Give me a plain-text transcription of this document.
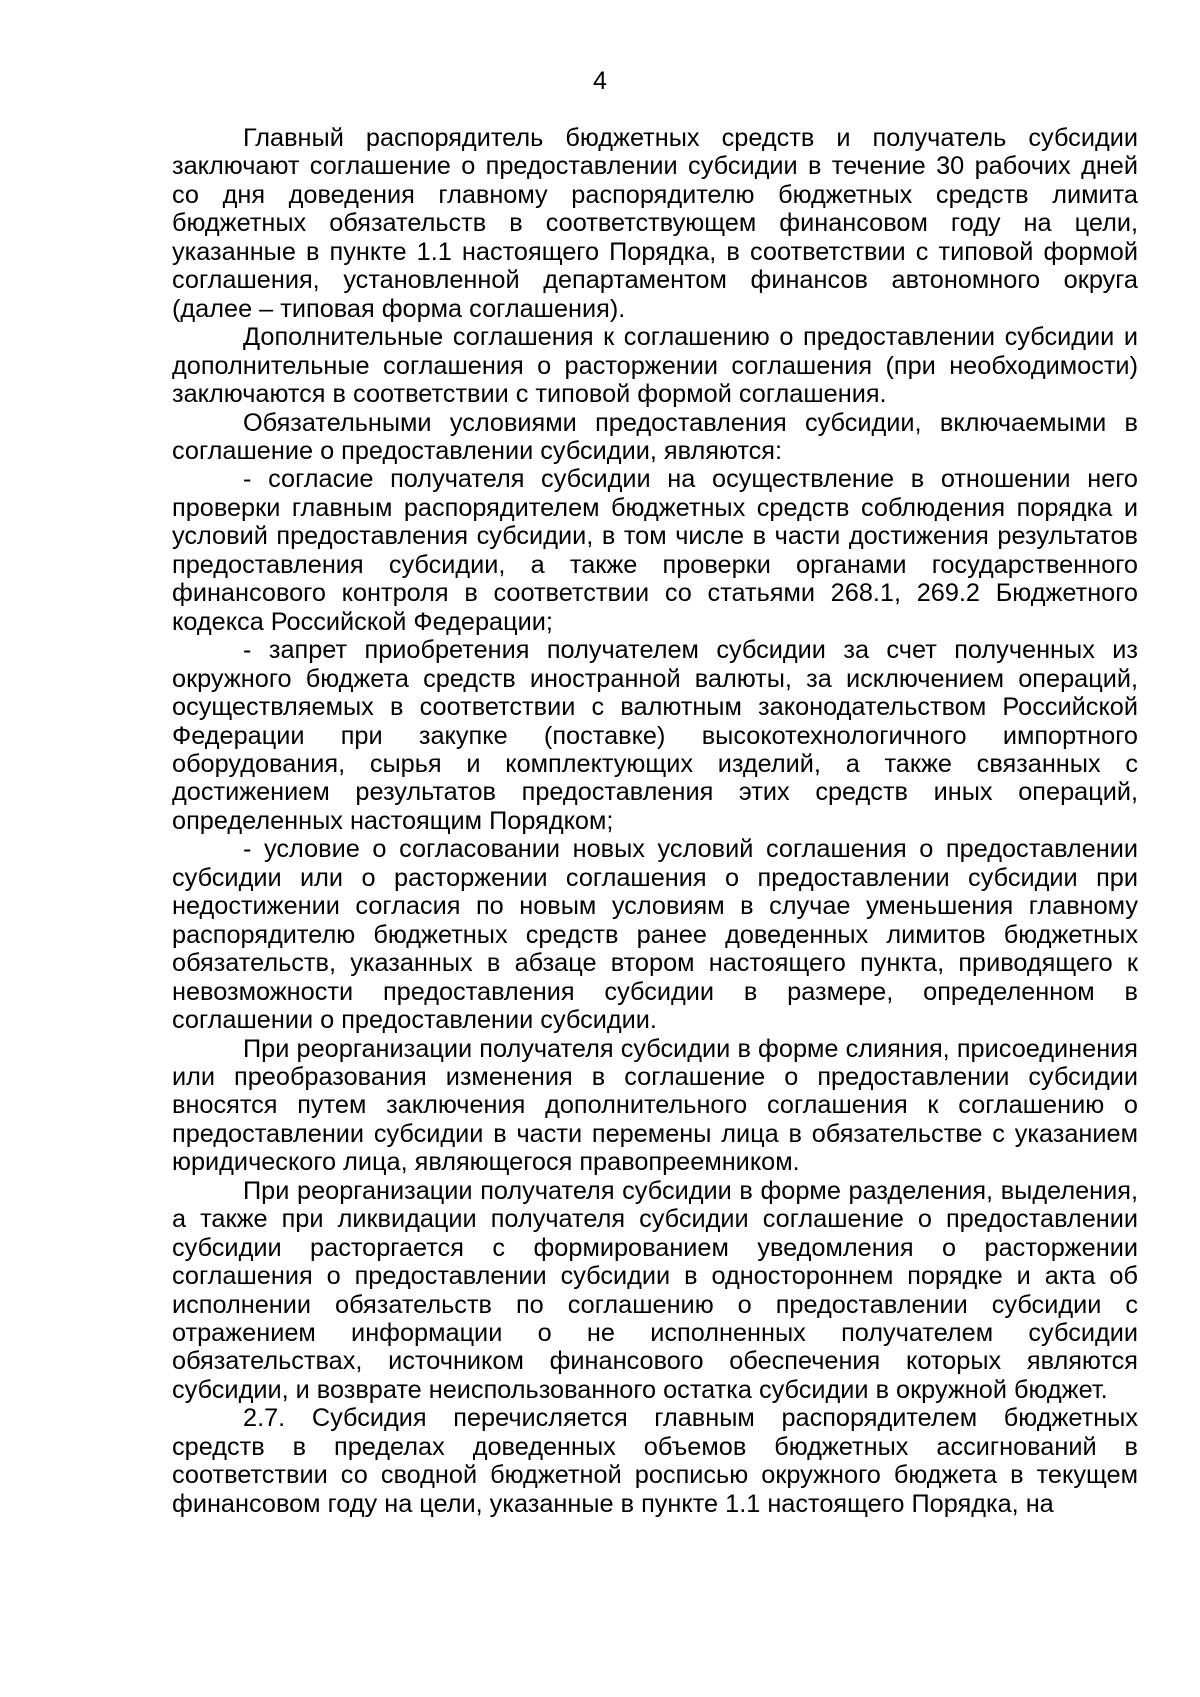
4

Главный распорядитель бюджетных средств и получатель субсидии заключают соглашение о предоставлении субсидии в течение 30 рабочих дней со дня доведения главному распорядителю бюджетных средств лимита бюджетных обязательств в соответствующем финансовом году на цели, указанные в пункте 1.1 настоящего Порядка, в соответствии с типовой формой соглашения, установленной департаментом финансов автономного округа (далее – типовая форма соглашения).

Дополнительные соглашения к соглашению о предоставлении субсидии и дополнительные соглашения о расторжении соглашения (при необходимости) заключаются в соответствии с типовой формой соглашения.

Обязательными условиями предоставления субсидии, включаемыми в соглашение о предоставлении субсидии, являются:

- согласие получателя субсидии на осуществление в отношении него проверки главным распорядителем бюджетных средств соблюдения порядка и условий предоставления субсидии, в том числе в части достижения результатов предоставления субсидии, а также проверки органами государственного финансового контроля в соответствии со статьями 268.1, 269.2 Бюджетного кодекса Российской Федерации;

- запрет приобретения получателем субсидии за счет полученных из окружного бюджета средств иностранной валюты, за исключением операций, осуществляемых в соответствии с валютным законодательством Российской Федерации при закупке (поставке) высокотехнологичного импортного оборудования, сырья и комплектующих изделий, а также связанных с достижением результатов предоставления этих средств иных операций, определенных настоящим Порядком;

- условие о согласовании новых условий соглашения о предоставлении субсидии или о расторжении соглашения о предоставлении субсидии при недостижении согласия по новым условиям в случае уменьшения главному распорядителю бюджетных средств ранее доведенных лимитов бюджетных обязательств, указанных в абзаце втором настоящего пункта, приводящего к невозможности предоставления субсидии в размере, определенном в соглашении о предоставлении субсидии.

При реорганизации получателя субсидии в форме слияния, присоединения или преобразования изменения в соглашение о предоставлении субсидии вносятся путем заключения дополнительного соглашения к соглашению о предоставлении субсидии в части перемены лица в обязательстве с указанием юридического лица, являющегося правопреемником.

При реорганизации получателя субсидии в форме разделения, выделения, а также при ликвидации получателя субсидии соглашение о предоставлении субсидии расторгается с формированием уведомления о расторжении соглашения о предоставлении субсидии в одностороннем порядке и акта об исполнении обязательств по соглашению о предоставлении субсидии с отражением информации о не исполненных получателем субсидии обязательствах, источником финансового обеспечения которых являются субсидии, и возврате неиспользованного остатка субсидии в окружной бюджет.

2.7. Субсидия перечисляется главным распорядителем бюджетных средств в пределах доведенных объемов бюджетных ассигнований в соответствии со сводной бюджетной росписью окружного бюджета в текущем финансовом году на цели, указанные в пункте 1.1 настоящего Порядка, на
